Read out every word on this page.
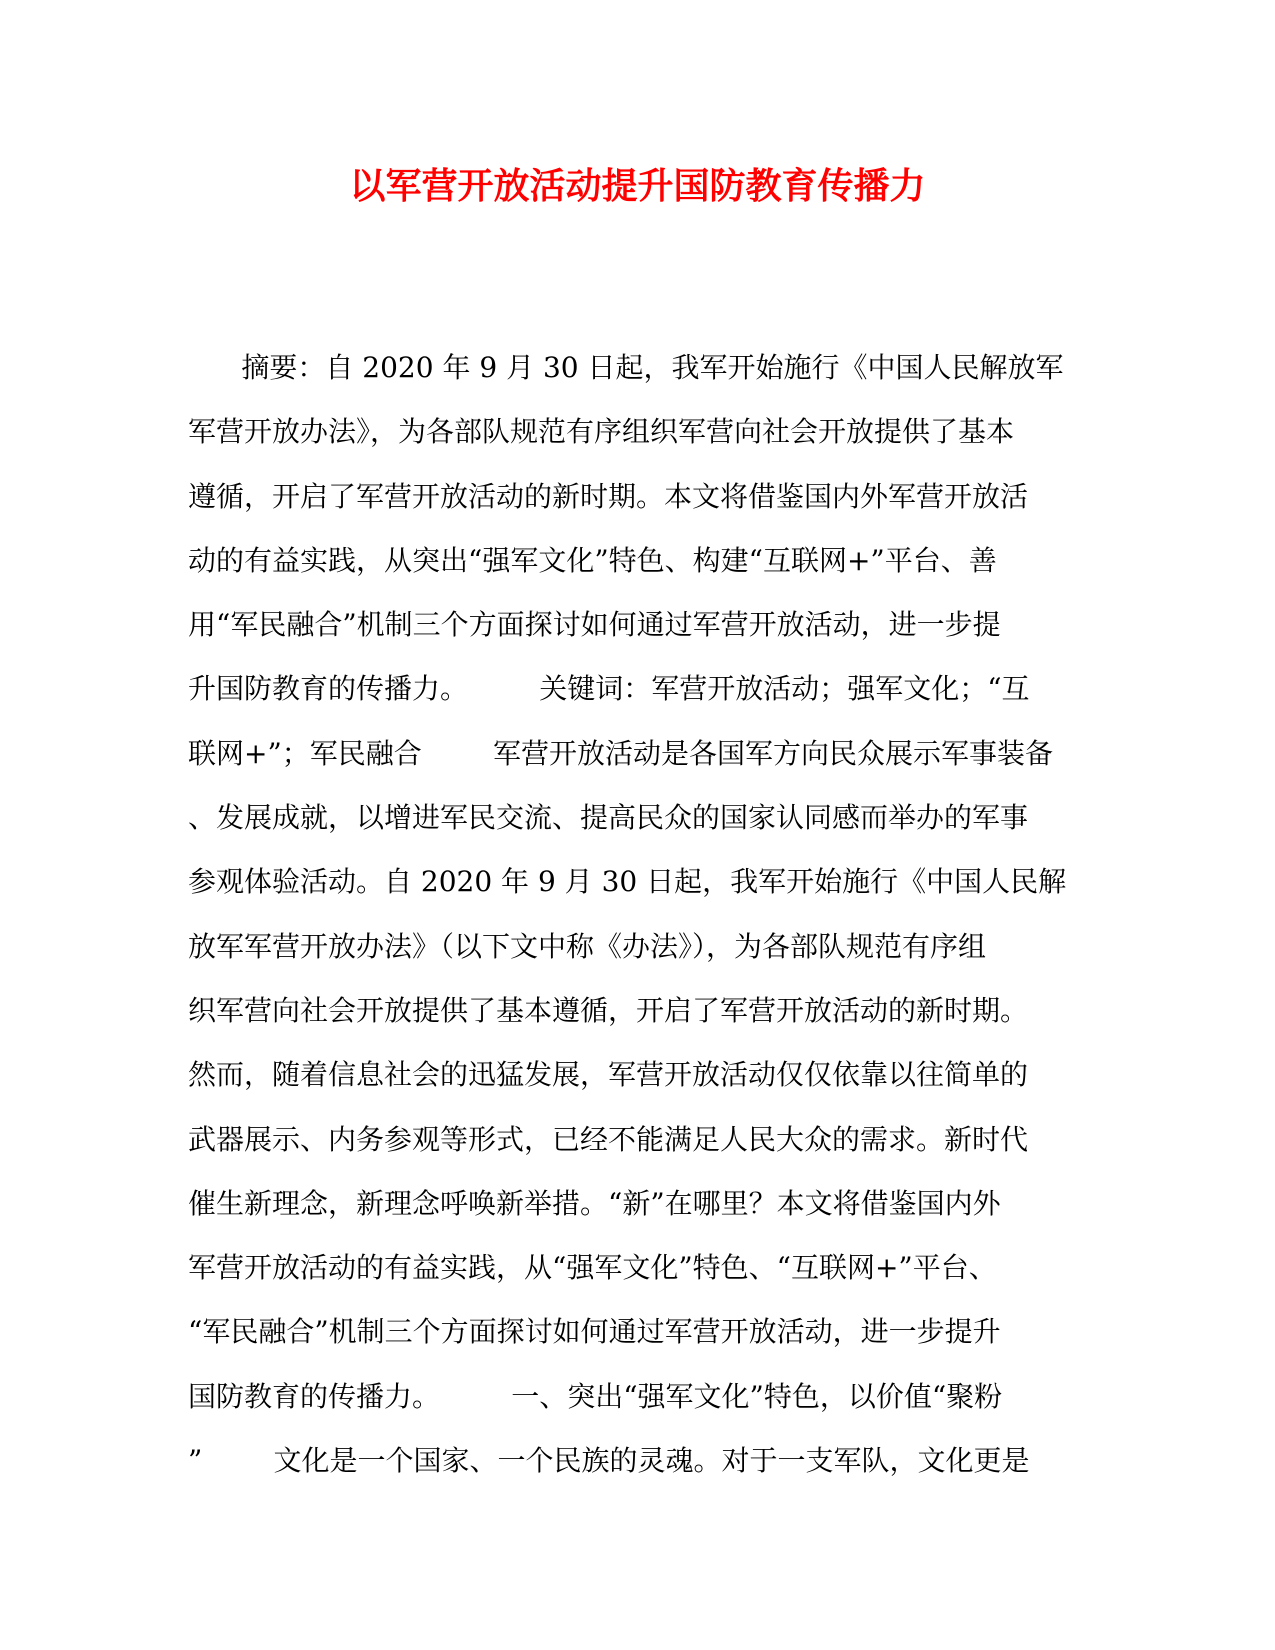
以军营开放活动提升国防教育传播力
摘要：自 2020 年 9 月 30 日起，我军开始施行《中国人民解放军
军营开放办法》，为各部队规范有序组织军营向社会开放提供了基本
遵循，开启了军营开放活动的新时期。本文将借鉴国内外军营开放活
动的有益实践，从突出“强军文化”特色、构建“互联网+”平台、善
用“军民融合”机制三个方面探讨如何通过军营开放活动，进一步提
升国防教育的传播力。        关键词：军营开放活动；强军文化；“互
联网+”；军民融合        军营开放活动是各国军方向民众展示军事装备
、发展成就，以增进军民交流、提高民众的国家认同感而举办的军事
参观体验活动。自 2020 年 9 月 30 日起，我军开始施行《中国人民解
放军军营开放办法》（以下文中称《办法》），为各部队规范有序组
织军营向社会开放提供了基本遵循，开启了军营开放活动的新时期。
然而，随着信息社会的迅猛发展，军营开放活动仅仅依靠以往简单的
武器展示、内务参观等形式，已经不能满足人民大众的需求。新时代
催生新理念，新理念呼唤新举措。“新”在哪里？本文将借鉴国内外
军营开放活动的有益实践，从“强军文化”特色、“互联网+”平台、
“军民融合”机制三个方面探讨如何通过军营开放活动，进一步提升
国防教育的传播力。        一、突出“强军文化”特色，以价值“聚粉
”        文化是一个国家、一个民族的灵魂。对于一支军队，文化更是
